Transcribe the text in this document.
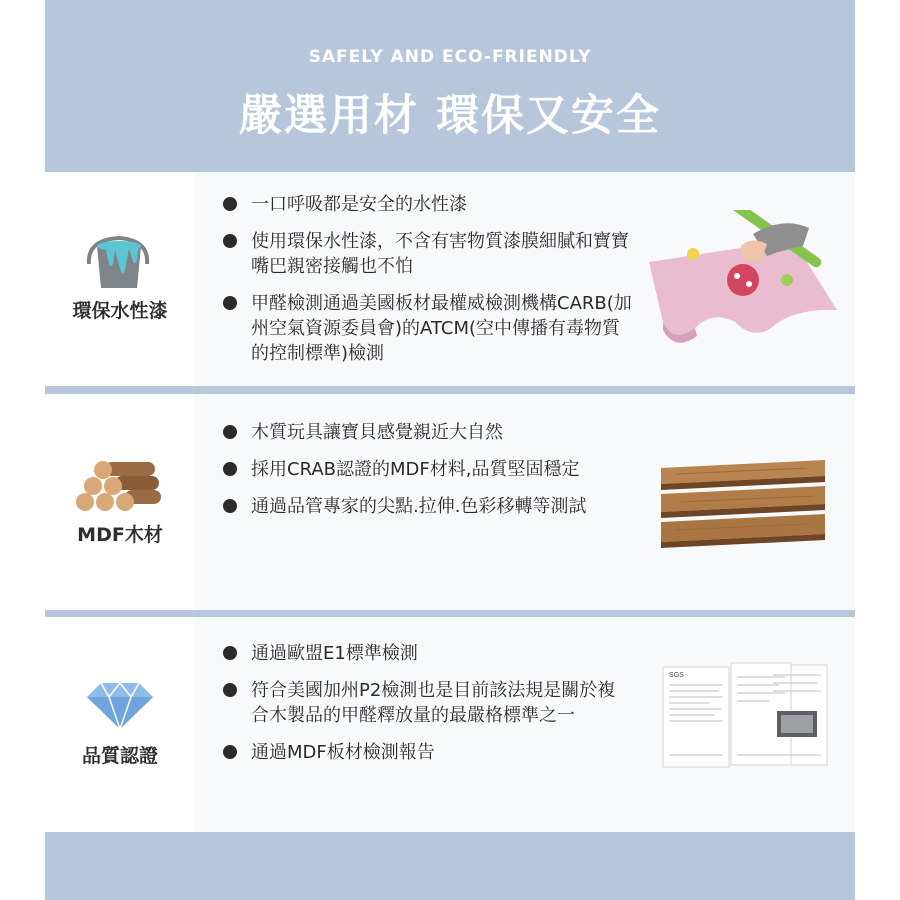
SAFELY AND ECO-FRIENDLY
嚴選用材 環保又安全
環保水性漆
一口呼吸都是安全的水性漆
使用環保水性漆，不含有害物質漆膜細膩和寶寶嘴巴親密接觸也不怕
甲醛檢測通過美國板材最權威檢測機構CARB(加州空氣資源委員會)的ATCM(空中傳播有毒物質的控制標準)檢測
MDF木材
木質玩具讓寶貝感覺親近大自然
採用CRAB認證的MDF材料,品質堅固穩定
通過品管專家的尖點.拉伸.色彩移轉等測試
品質認證
通過歐盟E1標準檢測
符合美國加州P2檢測也是目前該法規是關於複合木製品的甲醛釋放量的最嚴格標準之一
通過MDF板材檢測報告
SGS
